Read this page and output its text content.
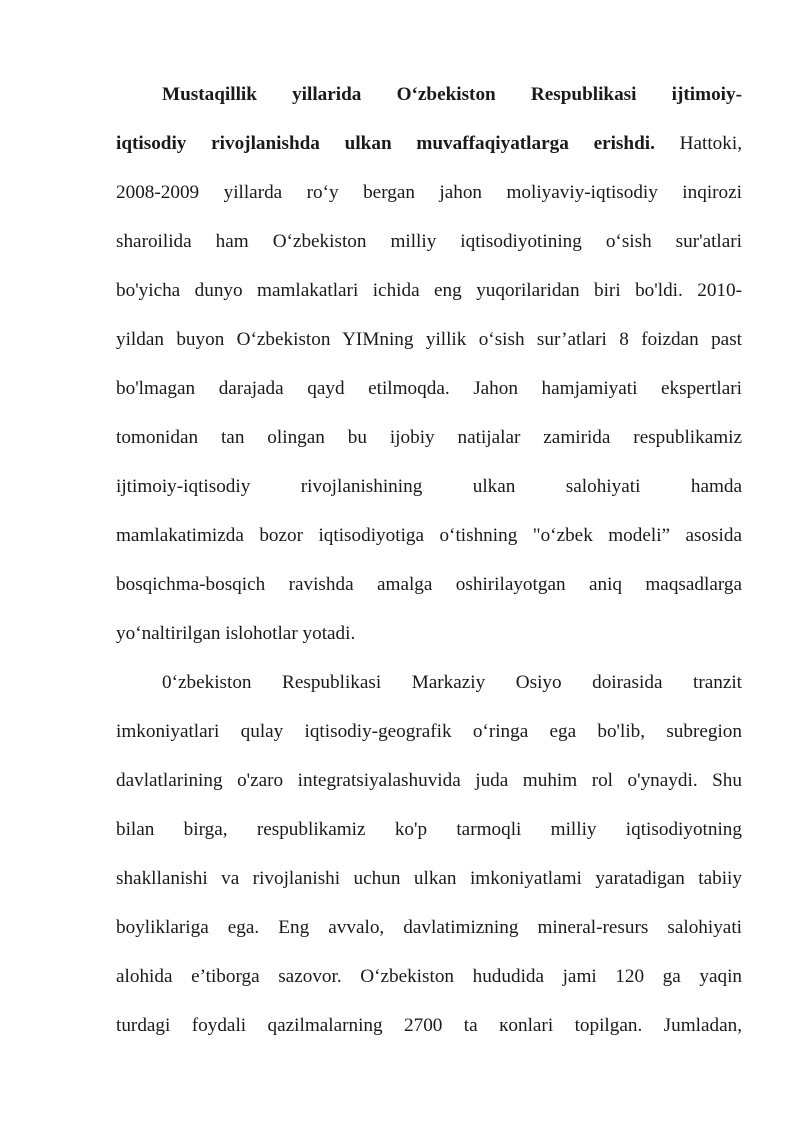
Mustaqillik yillarida O‘zbekiston Respublikasi ijtimoiy-
iqtisodiy rivojlanishda ulkan muvaffaqiyatlarga erishdi. Hattoki,
2008-2009 yillarda ro‘y bergan jahon moliyaviy-iqtisodiy inqirozi
sharoilida ham O‘zbekiston milliy iqtisodiyotining o‘sish sur'atlari
bo'yicha dunyo mamlakatlari ichida eng yuqorilaridan biri bo'ldi. 2010-
yildan buyon O‘zbekiston YIMning yillik o‘sish sur’atlari 8 foizdan past
bo'lmagan darajada qayd etilmoqda. Jahon hamjamiyati ekspertlari
tomonidan tan olingan bu ijobiy natijalar zamirida respublikamiz
ijtimoiy-iqtisodiy rivojlanishining ulkan salohiyati hamda
mamlakatimizda bozor iqtisodiyotiga o‘tishning "o‘zbek modeli” asosida
bosqichma-bosqich ravishda amalga oshirilayotgan aniq maqsadlarga
yo‘naltirilgan islohotlar yotadi.
0‘zbekiston Respublikasi Markaziy Osiyo doirasida tranzit
imkoniyatlari qulay iqtisodiy-geografik o‘ringa ega bo'lib, subregion
davlatlarining o'zaro integratsiyalashuvida juda muhim rol o'ynaydi. Shu
bilan birga, respublikamiz ko'p tarmoqli milliy iqtisodiyotning
shakllanishi va rivojlanishi uchun ulkan imkoniyatlami yaratadigan tabiiy
boyliklariga ega. Eng avvalo, davlatimizning mineral-resurs salohiyati
alohida e’tiborga sazovor. O‘zbekiston hududida jami 120 ga yaqin
turdagi foydali qazilmalarning 2700 ta кonlari topilgan. Jumladan,
